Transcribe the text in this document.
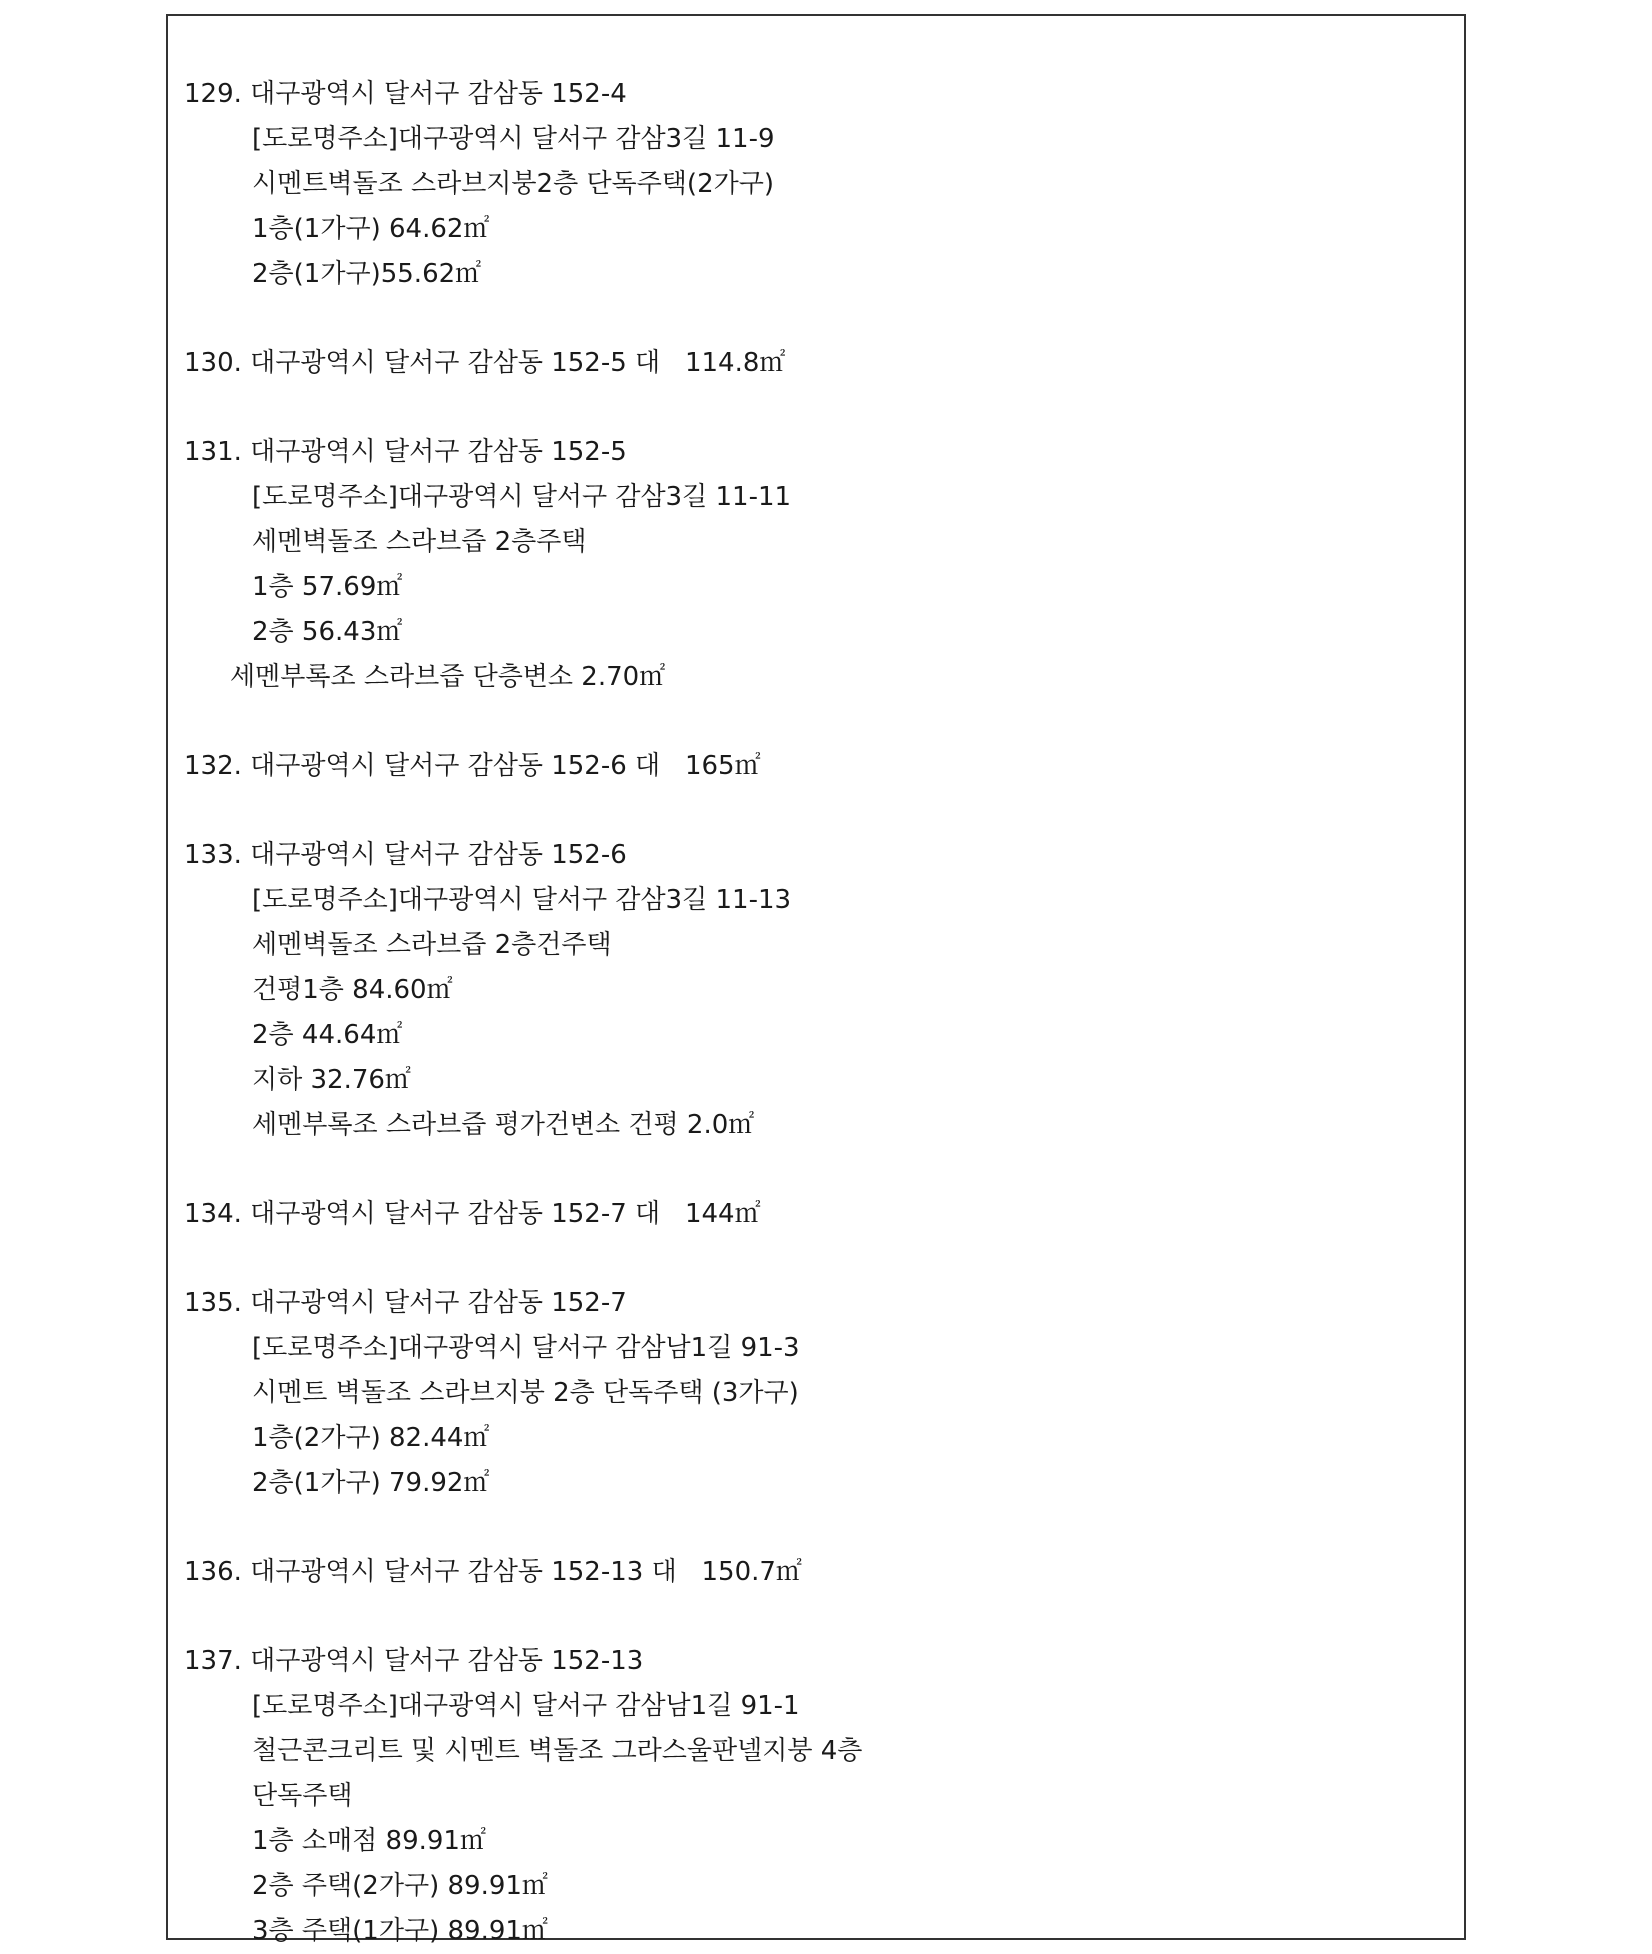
129. 대구광역시 달서구 감삼동 152-4
[도로명주소]대구광역시 달서구 감삼3길 11-9
시멘트벽돌조 스라브지붕2층 단독주택(2가구)
1층(1가구) 64.62㎡
2층(1가구)55.62㎡
130. 대구광역시 달서구 감삼동 152-5 대   114.8㎡
131. 대구광역시 달서구 감삼동 152-5
[도로명주소]대구광역시 달서구 감삼3길 11-11
세멘벽돌조 스라브즙 2층주택
1층 57.69㎡
2층 56.43㎡
세멘부록조 스라브즙 단층변소 2.70㎡
132. 대구광역시 달서구 감삼동 152-6 대   165㎡
133. 대구광역시 달서구 감삼동 152-6
[도로명주소]대구광역시 달서구 감삼3길 11-13
세멘벽돌조 스라브즙 2층건주택
건평1층 84.60㎡
2층 44.64㎡
지하 32.76㎡
세멘부록조 스라브즙 평가건변소 건평 2.0㎡
134. 대구광역시 달서구 감삼동 152-7 대   144㎡
135. 대구광역시 달서구 감삼동 152-7
[도로명주소]대구광역시 달서구 감삼남1길 91-3
시멘트 벽돌조 스라브지붕 2층 단독주택 (3가구)
1층(2가구) 82.44㎡
2층(1가구) 79.92㎡
136. 대구광역시 달서구 감삼동 152-13 대   150.7㎡
137. 대구광역시 달서구 감삼동 152-13
[도로명주소]대구광역시 달서구 감삼남1길 91-1
철근콘크리트 및 시멘트 벽돌조 그라스울판넬지붕 4층
단독주택
1층 소매점 89.91㎡
2층 주택(2가구) 89.91㎡
3층 주택(1가구) 89.91㎡
